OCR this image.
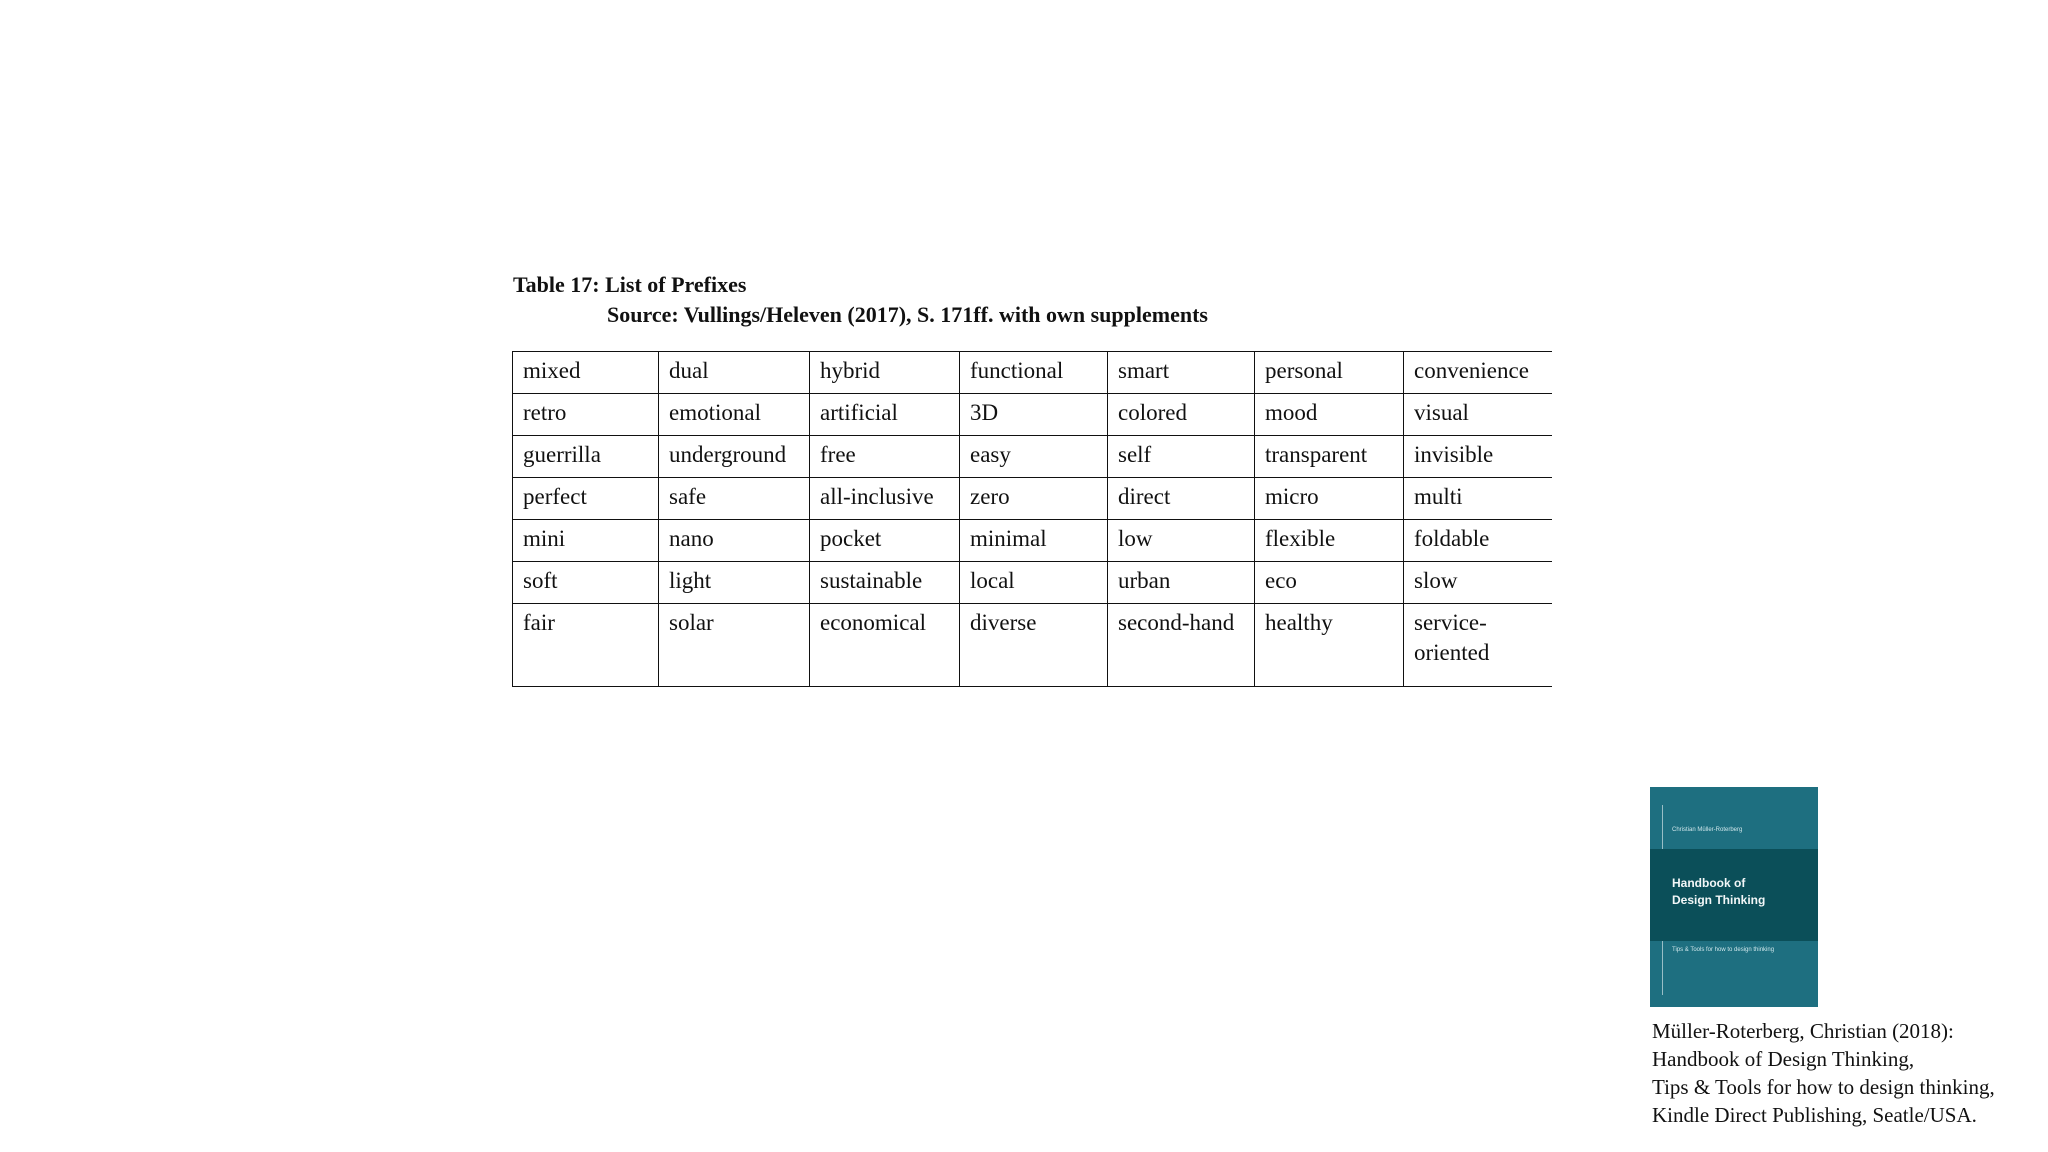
Table 17: List of Prefixes
Source: Vullings/Heleven (2017), S. 171ff. with own supplements
mixed	dual	hybrid	functional	smart	personal	convenience
retro	emotional	artificial	3D	colored	mood	visual
guerrilla	underground	free	easy	self	transparent	invisible
perfect	safe	all-inclusive	zero	direct	micro	multi
mini	nano	pocket	minimal	low	flexible	foldable
soft	light	sustainable	local	urban	eco	slow
fair	solar	economical	diverse	second-hand	healthy	service-oriented
Christian Müller-Roterberg
Handbook of
Design Thinking
Tips & Tools for how to design thinking
Müller-Roterberg, Christian (2018):
Handbook of Design Thinking,
Tips & Tools for how to design thinking,
Kindle Direct Publishing, Seatle/USA.
